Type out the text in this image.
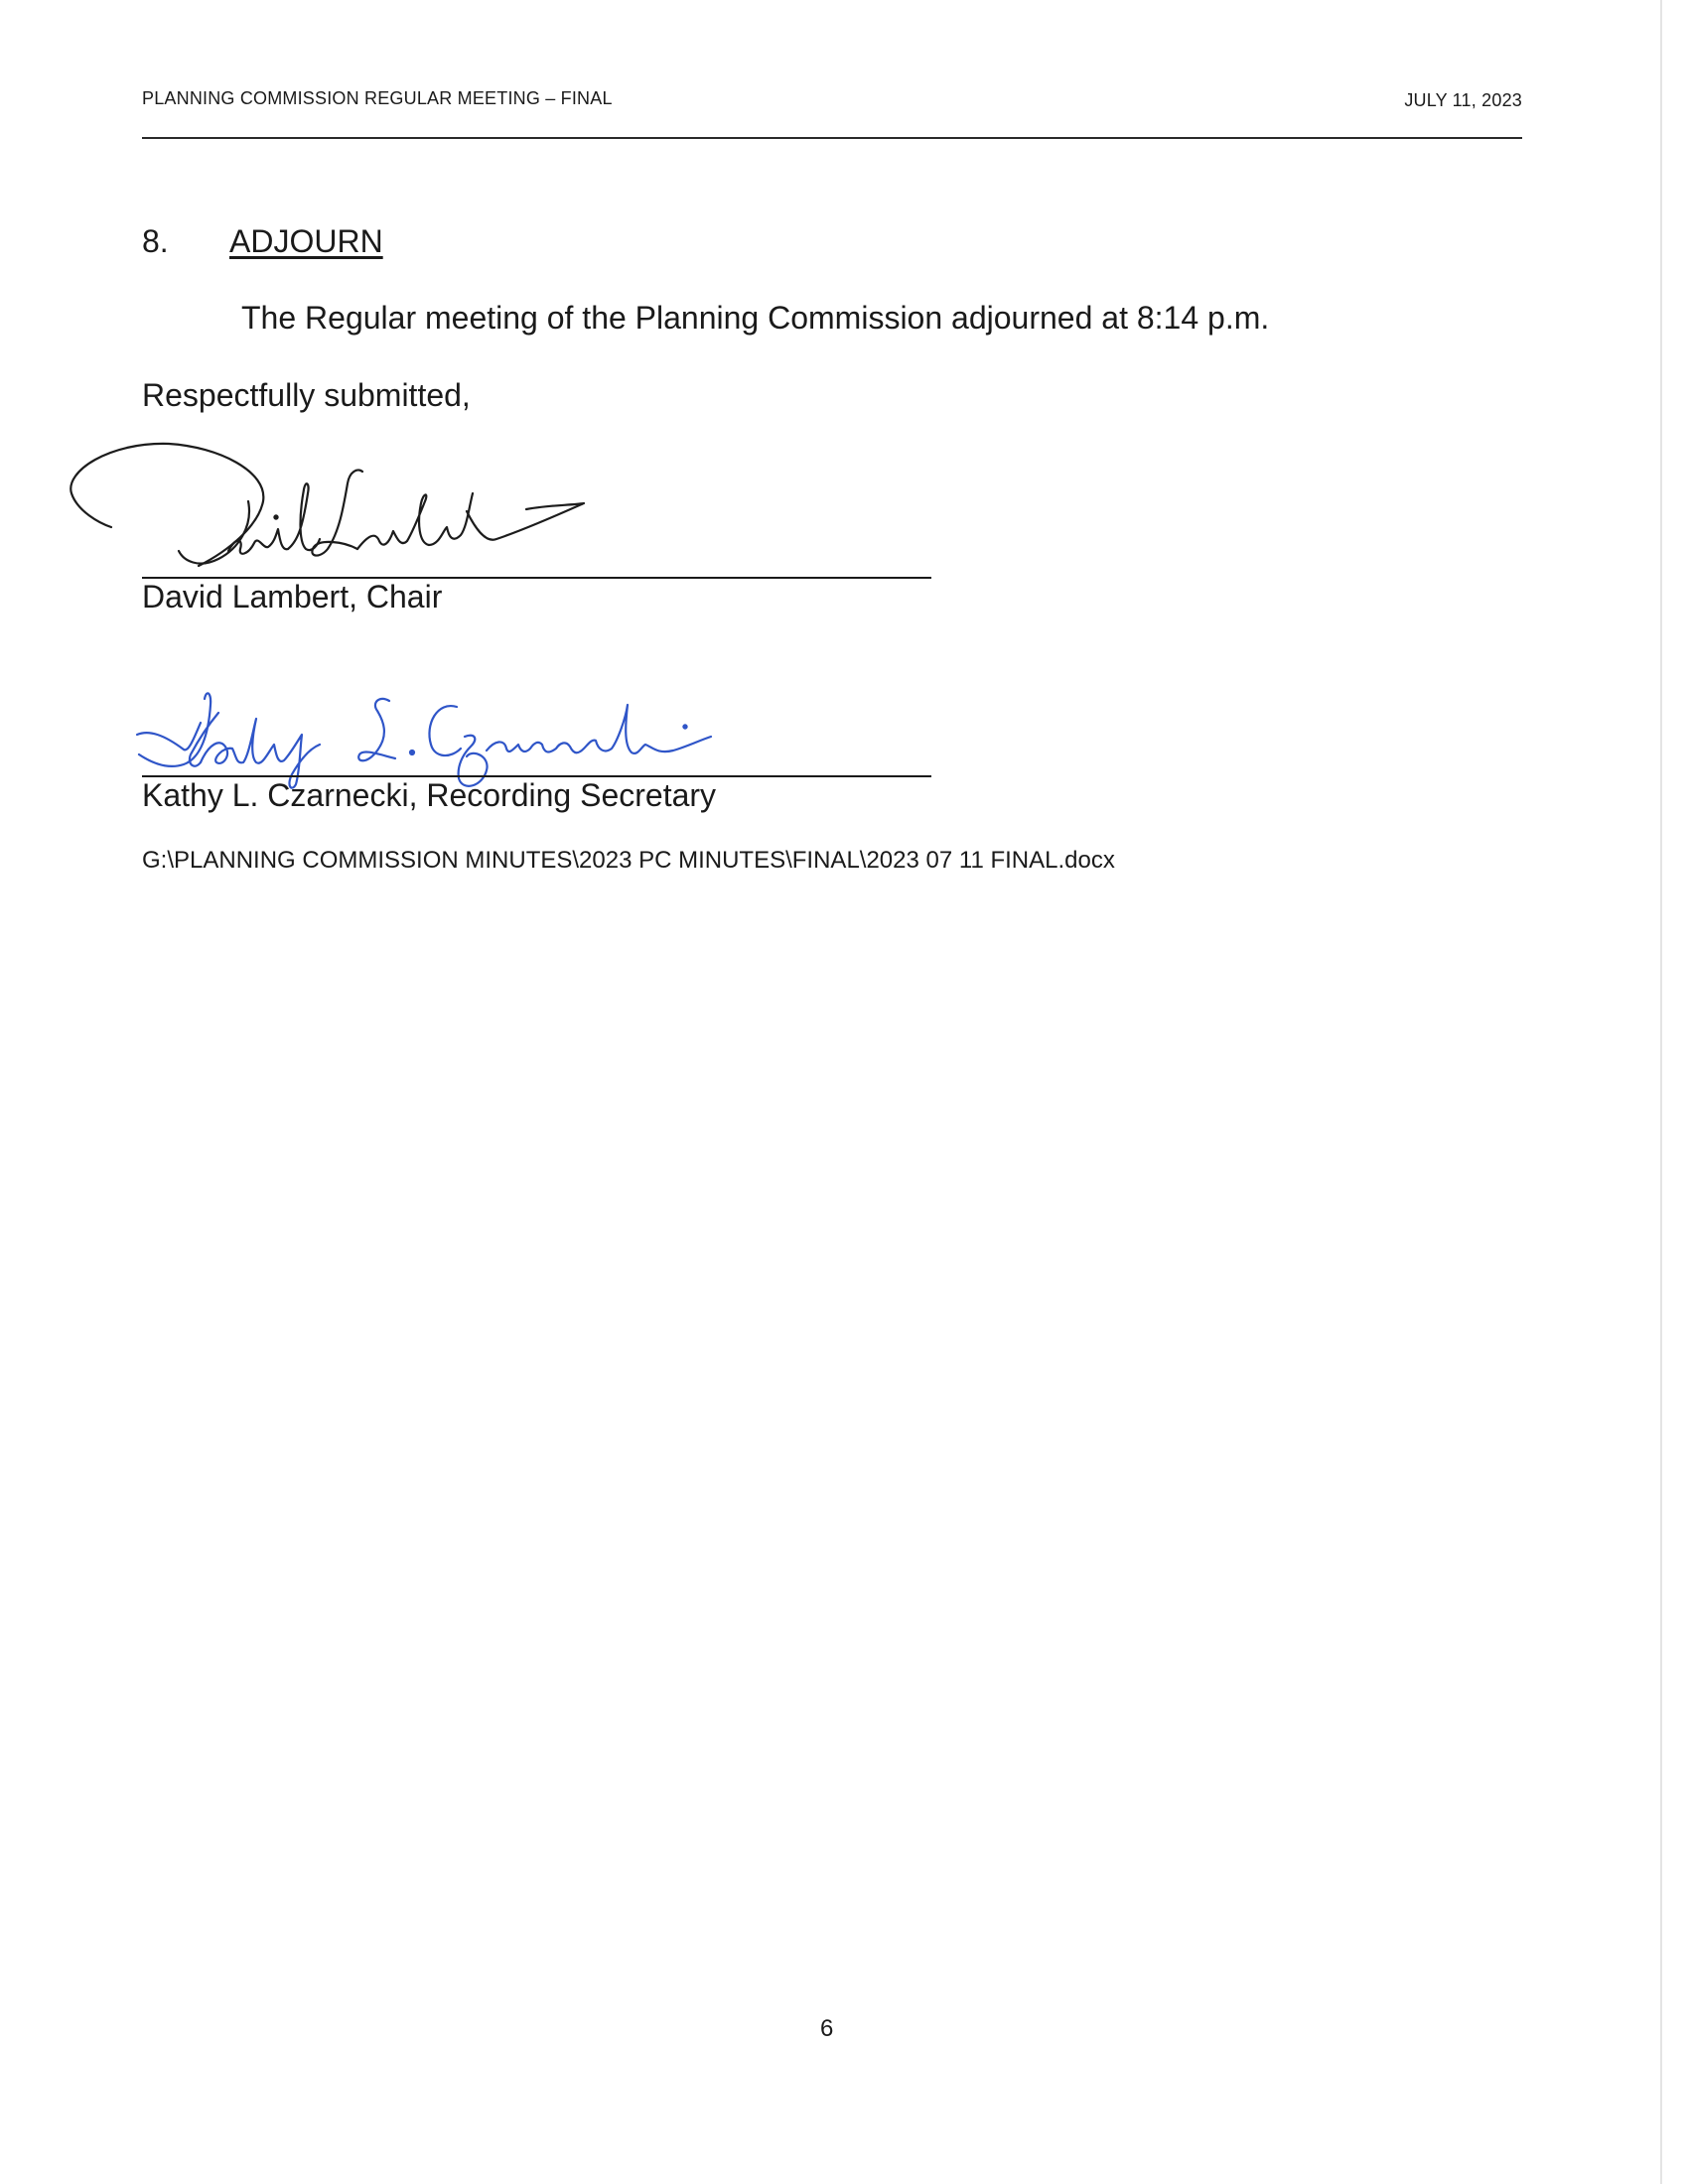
PLANNING COMMISSION REGULAR MEETING – FINAL	JULY 11, 2023
8. ADJOURN
The Regular meeting of the Planning Commission adjourned at 8:14 p.m.
Respectfully submitted,
David Lambert, Chair
Kathy L. Czarnecki, Recording Secretary
G:\PLANNING COMMISSION MINUTES\2023 PC MINUTES\FINAL\2023 07 11 FINAL.docx
6
